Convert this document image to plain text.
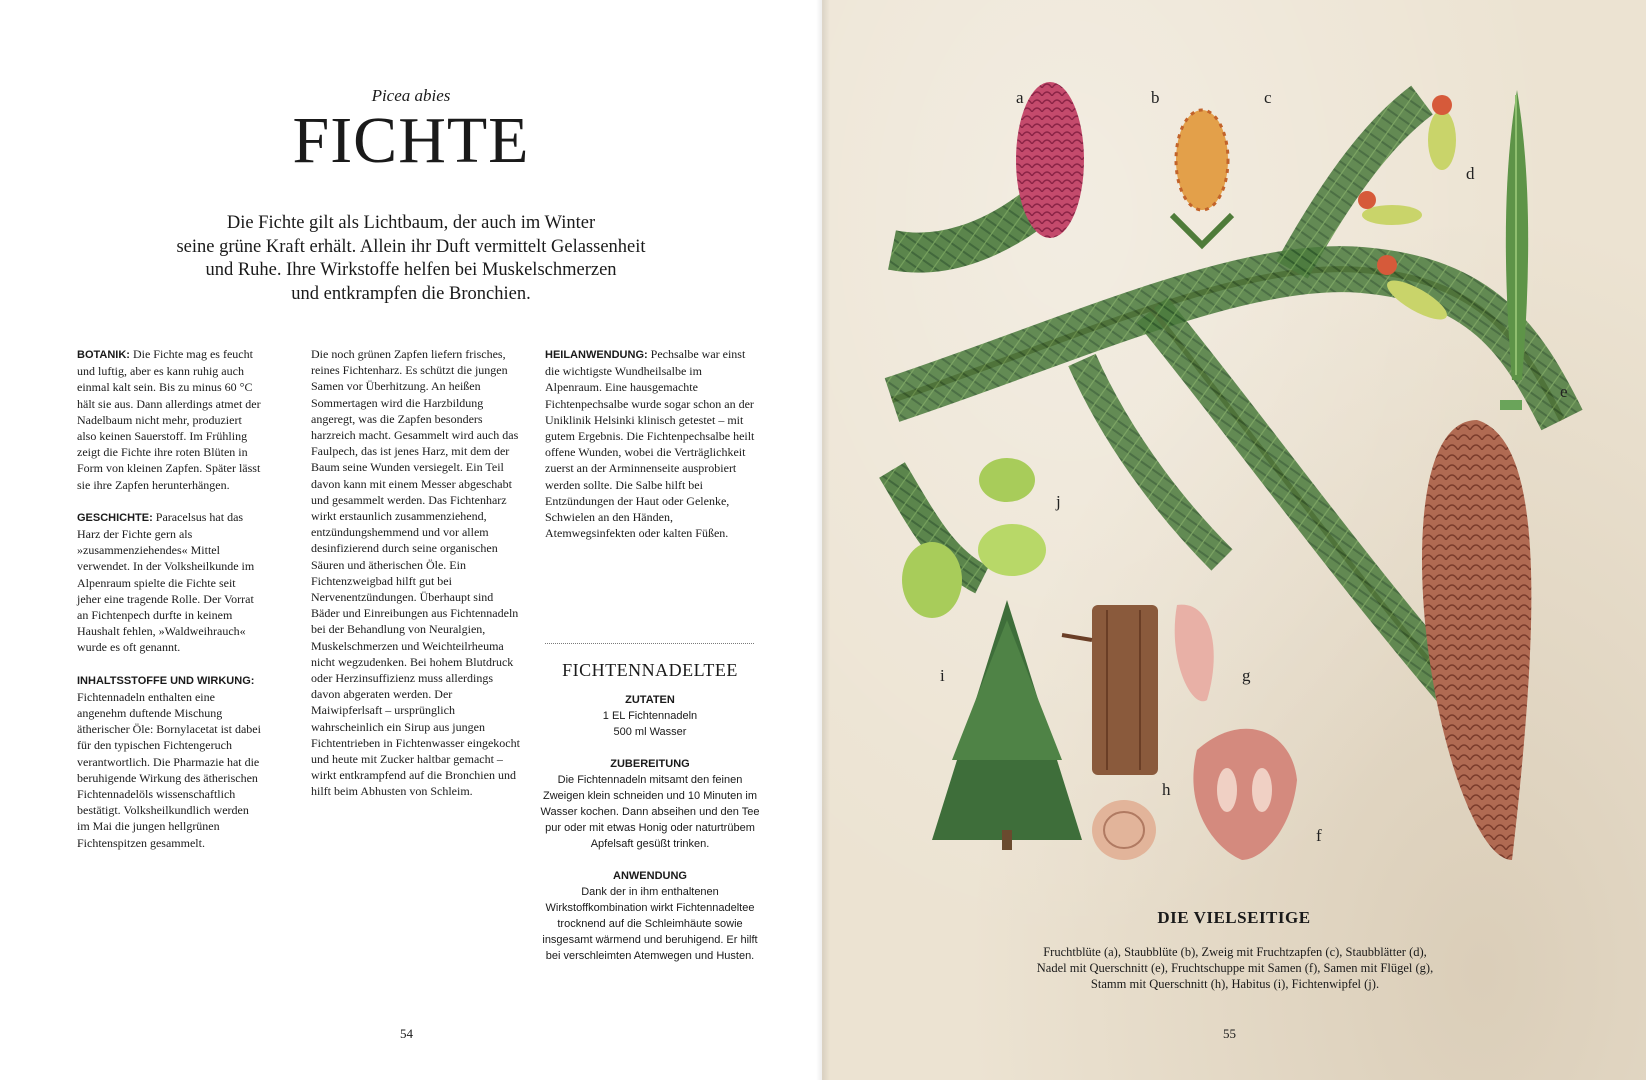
Picea abies
FICHTE

Die Fichte gilt als Lichtbaum, der auch im Winter

seine grüne Kraft erhält. Allein ihr Duft vermittelt Gelassenheit

und Ruhe. Ihre Wirkstoffe helfen bei Muskelschmerzen

und entkrampfen die Bronchien.

BOTANIK: Die Fichte mag es feucht und luftig, aber es kann ruhig auch einmal kalt sein. Bis zu minus 60 °C hält sie aus. Dann allerdings atmet der Nadelbaum nicht mehr, produziert also keinen Sauerstoff. Im Frühling zeigt die Fichte ihre roten Blüten in Form von kleinen Zapfen. Später lässt sie ihre Zapfen herunterhängen.

GESCHICHTE: Paracelsus hat das Harz der Fichte gern als »zusammenziehendes« Mittel verwendet. In der Volksheilkunde im Alpenraum spielte die Fichte seit jeher eine tragende Rolle. Der Vorrat an Fichtenpech durfte in keinem Haushalt fehlen, »Waldweihrauch« wurde es oft genannt.

INHALTSSTOFFE UND WIRKUNG:
Fichtennadeln enthalten eine angenehm duftende Mischung ätherischer Öle: Bornylacetat ist dabei für den typischen Fichtengeruch verantwortlich. Die Pharmazie hat die beruhigende Wirkung des ätherischen Fichtennadelöls wissenschaftlich bestätigt. Volksheilkundlich werden im Mai die jungen hellgrünen Fichtenspitzen gesammelt.

Die noch grünen Zapfen liefern frisches, reines Fichtenharz. Es schützt die jungen Samen vor Überhitzung. An heißen Sommertagen wird die Harzbildung angeregt, was die Zapfen besonders harzreich macht. Gesammelt wird auch das Faulpech, das ist jenes Harz, mit dem der Baum seine Wunden versiegelt. Ein Teil davon kann mit einem Messer abgeschabt und gesammelt werden. Das Fichtenharz wirkt erstaunlich zusammenziehend, entzündungshemmend und vor allem desinfizierend durch seine organischen Säuren und ätherischen Öle. Ein Fichtenzweigbad hilft gut bei Nervenentzündungen. Überhaupt sind Bäder und Einreibungen aus Fichtennadeln bei der Behandlung von Neuralgien, Muskelschmerzen und Weichteilrheuma nicht wegzudenken. Bei hohem Blutdruck oder Herzinsuffizienz muss allerdings davon abgeraten werden. Der Maiwipferlsaft – ursprünglich wahrscheinlich ein Sirup aus jungen Fichtentrieben in Fichtenwasser eingekocht und heute mit Zucker haltbar gemacht – wirkt entkrampfend auf die Bronchien und hilft beim Abhusten von Schleim.

HEILANWENDUNG: Pechsalbe war einst die wichtigste Wundheilsalbe im Alpenraum. Eine hausgemachte Fichtenpechsalbe wurde sogar schon an der Uniklinik Helsinki klinisch getestet – mit gutem Ergebnis. Die Fichtenpechsalbe heilt offene Wunden, wobei die Verträglichkeit zuerst an der Arminnenseite ausprobiert werden sollte. Die Salbe hilft bei Entzündungen der Haut oder Gelenke, Schwielen an den Händen, Atemwegsinfekten oder kalten Füßen.

FICHTENNADELTEE
ZUTATEN
1 EL Fichtennadeln
500 ml Wasser
ZUBEREITUNG
Die Fichtennadeln mitsamt den feinen Zweigen klein schneiden und 10 Minuten im Wasser kochen. Dann abseihen und den Tee pur oder mit etwas Honig oder naturtrübem Apfelsaft gesüßt trinken.
ANWENDUNG
Dank der in ihm enthaltenen Wirkstoffkombination wirkt Fichtennadeltee trocknend auf die Schleimhäute sowie insgesamt wärmend und beruhigend. Er hilft bei verschleimten Atemwegen und Husten.
54
a	b	c
d
e
f
g
h
i
j
DIE VIELSEITIGE
Fruchtblüte (a), Staubblüte (b), Zweig mit Fruchtzapfen (c), Staubblätter (d),
Nadel mit Querschnitt (e), Fruchtschuppe mit Samen (f), Samen mit Flügel (g),
Stamm mit Querschnitt (h), Habitus (i), Fichtenwipfel (j).
55
